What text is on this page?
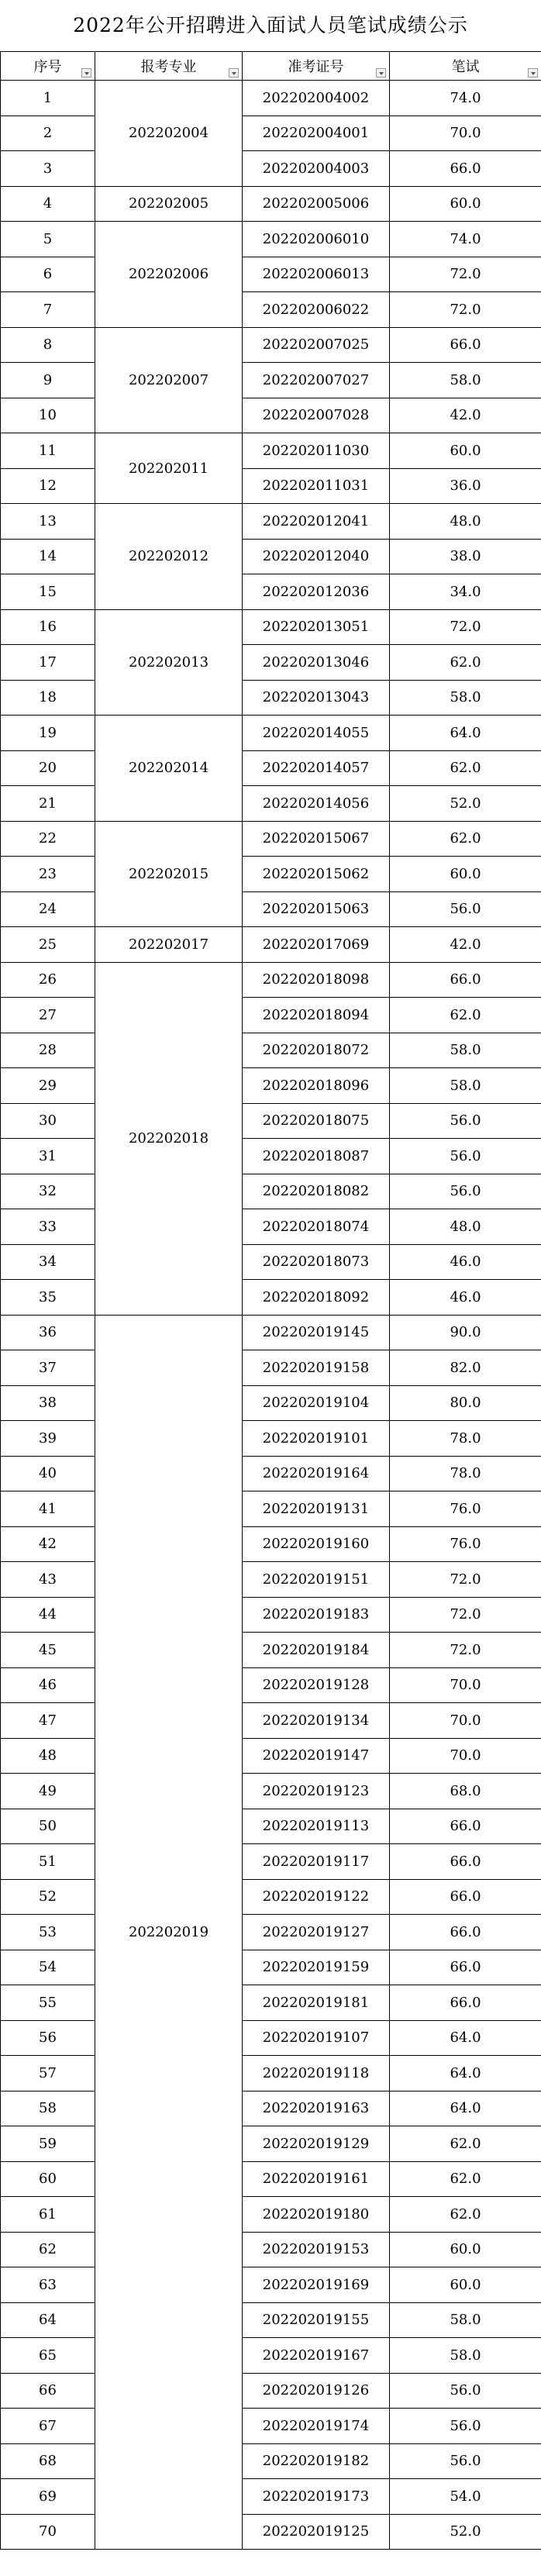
2022年公开招聘进入面试人员笔试成绩公示
序号	报考专业	准考证号	笔试

1	202202004	202202004002	74.0
2		202202004001	70.0
3		202202004003	66.0
4	202202005	202202005006	60.0
5	202202006	202202006010	74.0
6		202202006013	72.0
7		202202006022	72.0
8	202202007	202202007025	66.0
9		202202007027	58.0
10		202202007028	42.0
11	202202011	202202011030	60.0
12		202202011031	36.0
13	202202012	202202012041	48.0
14		202202012040	38.0
15		202202012036	34.0
16	202202013	202202013051	72.0
17		202202013046	62.0
18		202202013043	58.0
19	202202014	202202014055	64.0
20		202202014057	62.0
21		202202014056	52.0
22	202202015	202202015067	62.0
23		202202015062	60.0
24		202202015063	56.0
25	202202017	202202017069	42.0
26	202202018	202202018098	66.0
27		202202018094	62.0
28		202202018072	58.0
29		202202018096	58.0
30		202202018075	56.0
31		202202018087	56.0
32		202202018082	56.0
33		202202018074	48.0
34		202202018073	46.0
35		202202018092	46.0
36	202202019	202202019145	90.0
37		202202019158	82.0
38		202202019104	80.0
39		202202019101	78.0
40		202202019164	78.0
41		202202019131	76.0
42		202202019160	76.0
43		202202019151	72.0
44		202202019183	72.0
45		202202019184	72.0
46		202202019128	70.0
47		202202019134	70.0
48		202202019147	70.0
49		202202019123	68.0
50		202202019113	66.0
51		202202019117	66.0
52		202202019122	66.0
53		202202019127	66.0
54		202202019159	66.0
55		202202019181	66.0
56		202202019107	64.0
57		202202019118	64.0
58		202202019163	64.0
59		202202019129	62.0
60		202202019161	62.0
61		202202019180	62.0
62		202202019153	60.0
63		202202019169	60.0
64		202202019155	58.0
65		202202019167	58.0
66		202202019126	56.0
67		202202019174	56.0
68		202202019182	56.0
69		202202019173	54.0
70		202202019125	52.0
